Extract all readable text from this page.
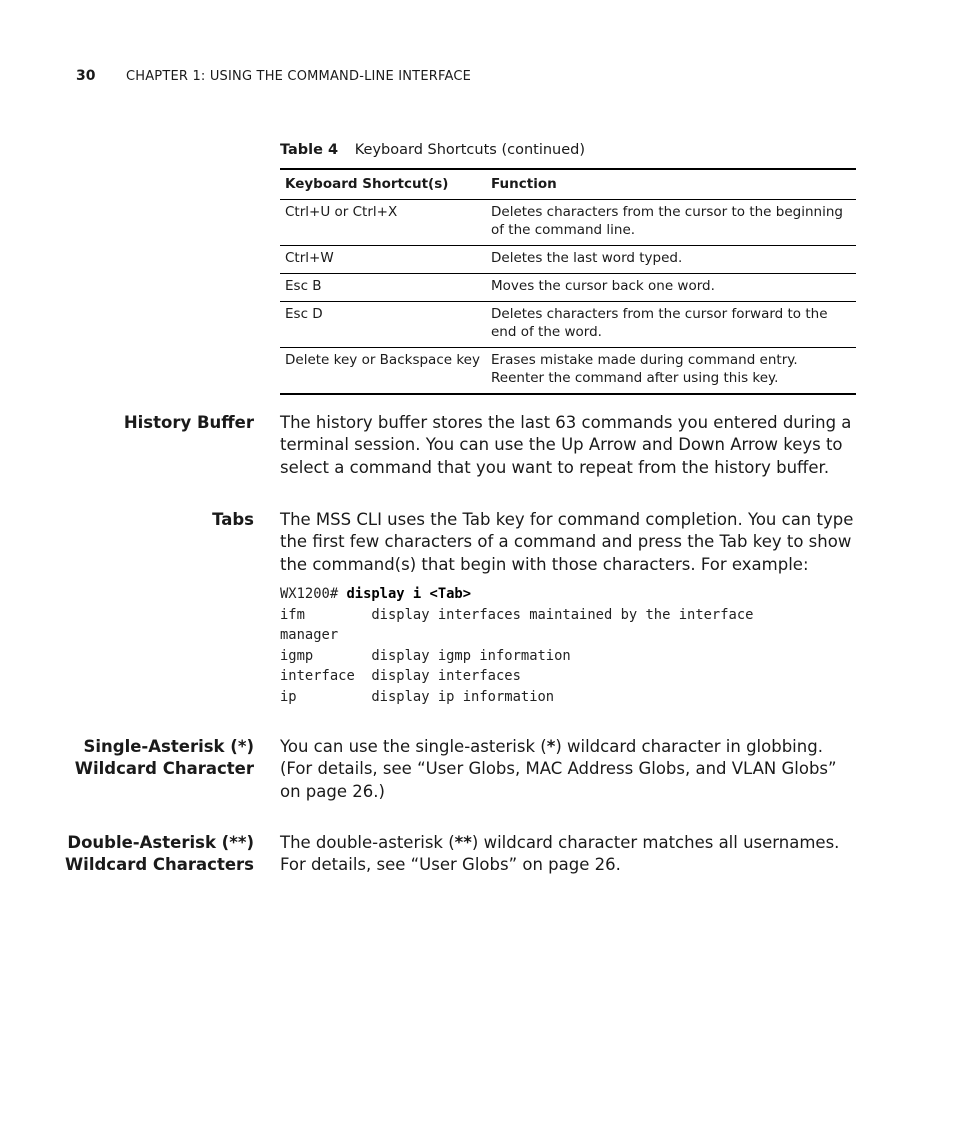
30 CHAPTER 1: USING THE COMMAND-LINE INTERFACE
Table 4 Keyboard Shortcuts (continued)
Keyboard Shortcut(s)	Function
Ctrl+U or Ctrl+X	Deletes characters from the cursor to the beginning of the command line.
Ctrl+W	Deletes the last word typed.
Esc B	Moves the cursor back one word.
Esc D	Deletes characters from the cursor forward to the end of the word.
Delete key or Backspace key	Erases mistake made during command entry. Reenter the command after using this key.
History Buffer The history buffer stores the last 63 commands you entered during a terminal session. You can use the Up Arrow and Down Arrow keys to select a command that you want to repeat from the history buffer.
Tabs The MSS CLI uses the Tab key for command completion. You can type the first few characters of a command and press the Tab key to show the command(s) that begin with those characters. For example:
WX1200# display i <Tab>
ifm        display interfaces maintained by the interface
manager
igmp       display igmp information
interface  display interfaces
ip         display ip information
Single-Asterisk (*)
Wildcard Character
You can use the single-asterisk (*) wildcard character in globbing. (For details, see “User Globs, MAC Address Globs, and VLAN Globs” on page 26.)
Double-Asterisk (**)
Wildcard Characters
The double-asterisk (**) wildcard character matches all usernames. For details, see “User Globs” on page 26.
